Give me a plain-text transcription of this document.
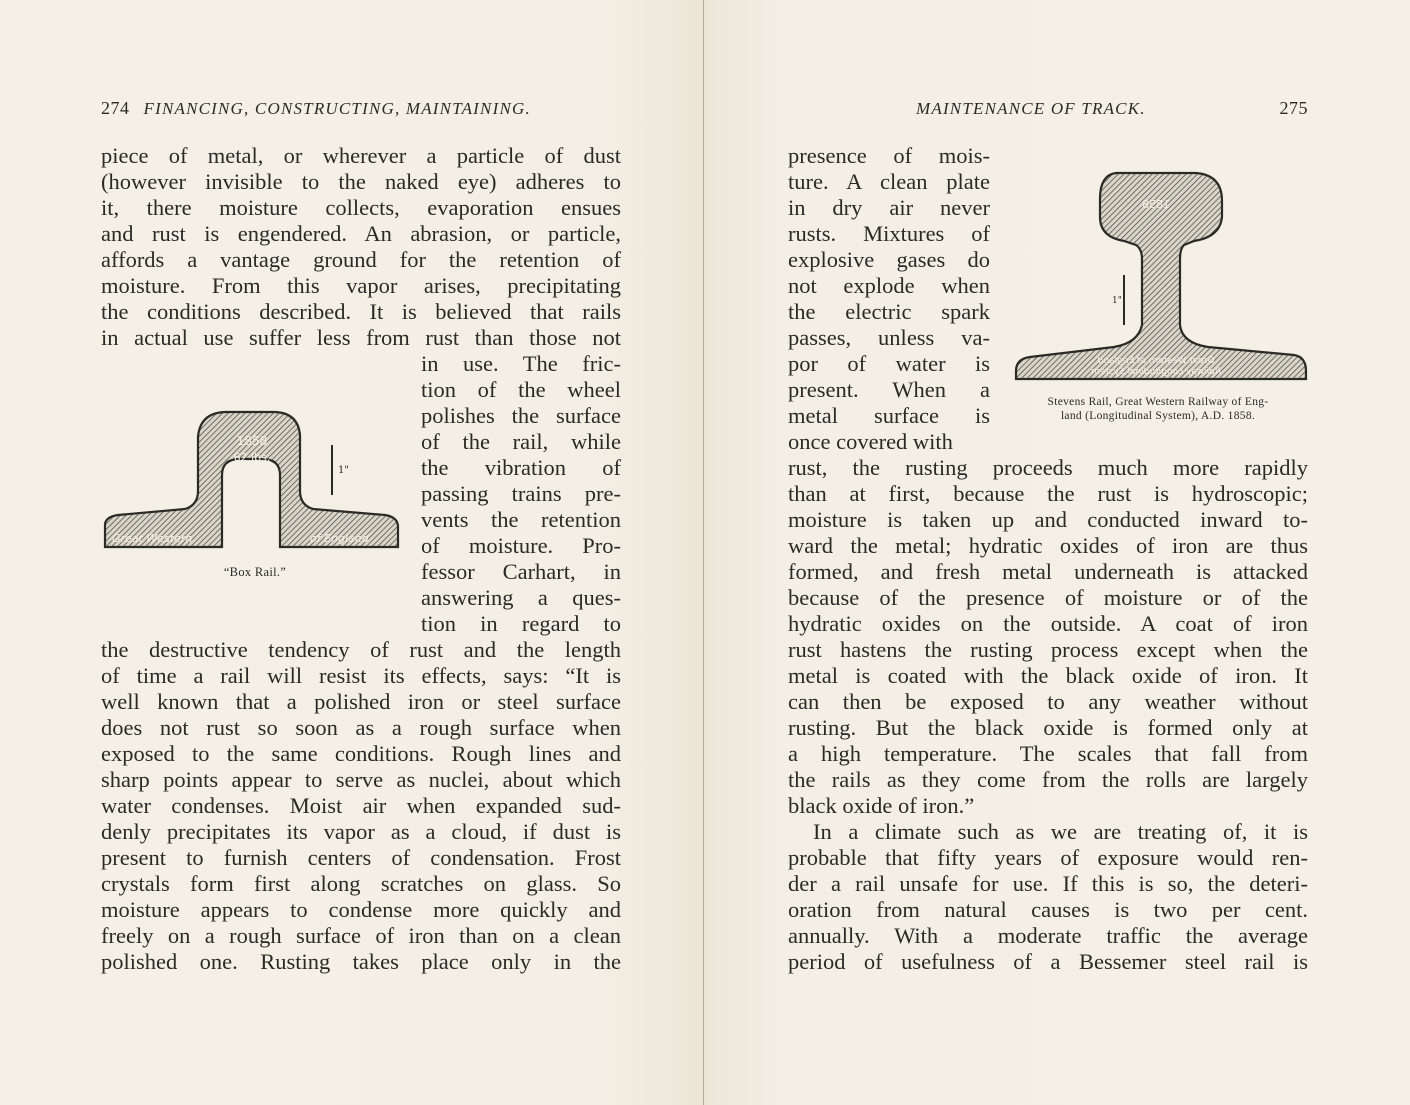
274 FINANCING, CONSTRUCTING, MAINTAINING.
piece of metal, or wherever a particle of dust
(however invisible to the naked eye) adheres to
it, there moisture collects, evaporation ensues
and rust is engendered. An abrasion, or particle,
affords a vantage ground for the retention of
moisture. From this vapor arises, precipitating
the conditions described. It is believed that rails
in actual use suffer less from rust than those not
in use. The fric-
tion of the wheel
polishes the surface
of the rail, while
the vibration of
passing trains pre-
vents the retention
of moisture. Pro-
fessor Carhart, in
answering a ques-
tion in regard to
1858
62 lbs.
Great Western	of England
1"
“Box Rail.”
the destructive tendency of rust and the length
of time a rail will resist its effects, says: “It is
well known that a polished iron or steel surface
does not rust so soon as a rough surface when
exposed to the same conditions. Rough lines and
sharp points appear to serve as nuclei, about which
water condenses. Moist air when expanded sud-
denly precipitates its vapor as a cloud, if dust is
present to furnish centers of condensation. Frost
crystals form first along scratches on glass. So
moisture appears to condense more quickly and
freely on a rough surface of iron than on a clean
polished one. Rusting takes place only in the
MAINTENANCE OF TRACK.	275
presence of mois-
ture. A clean plate
in dry air never
rusts. Mixtures of
explosive gases do
not explode when
the electric spark
passes, unless va-
por of water is
present. When a
metal surface is
once covered with
1858
Great Western of England
Railway Longitudinal System
1"
Stevens Rail, Great Western Railway of Eng-
land (Longitudinal System), A.D. 1858.
rust, the rusting proceeds much more rapidly
than at first, because the rust is hydroscopic;
moisture is taken up and conducted inward to-
ward the metal; hydratic oxides of iron are thus
formed, and fresh metal underneath is attacked
because of the presence of moisture or of the
hydratic oxides on the outside. A coat of iron
rust hastens the rusting process except when the
metal is coated with the black oxide of iron. It
can then be exposed to any weather without
rusting. But the black oxide is formed only at
a high temperature. The scales that fall from
the rails as they come from the rolls are largely
black oxide of iron.”
In a climate such as we are treating of, it is
probable that fifty years of exposure would ren-
der a rail unsafe for use. If this is so, the deteri-
oration from natural causes is two per cent.
annually. With a moderate traffic the average
period of usefulness of a Bessemer steel rail is
